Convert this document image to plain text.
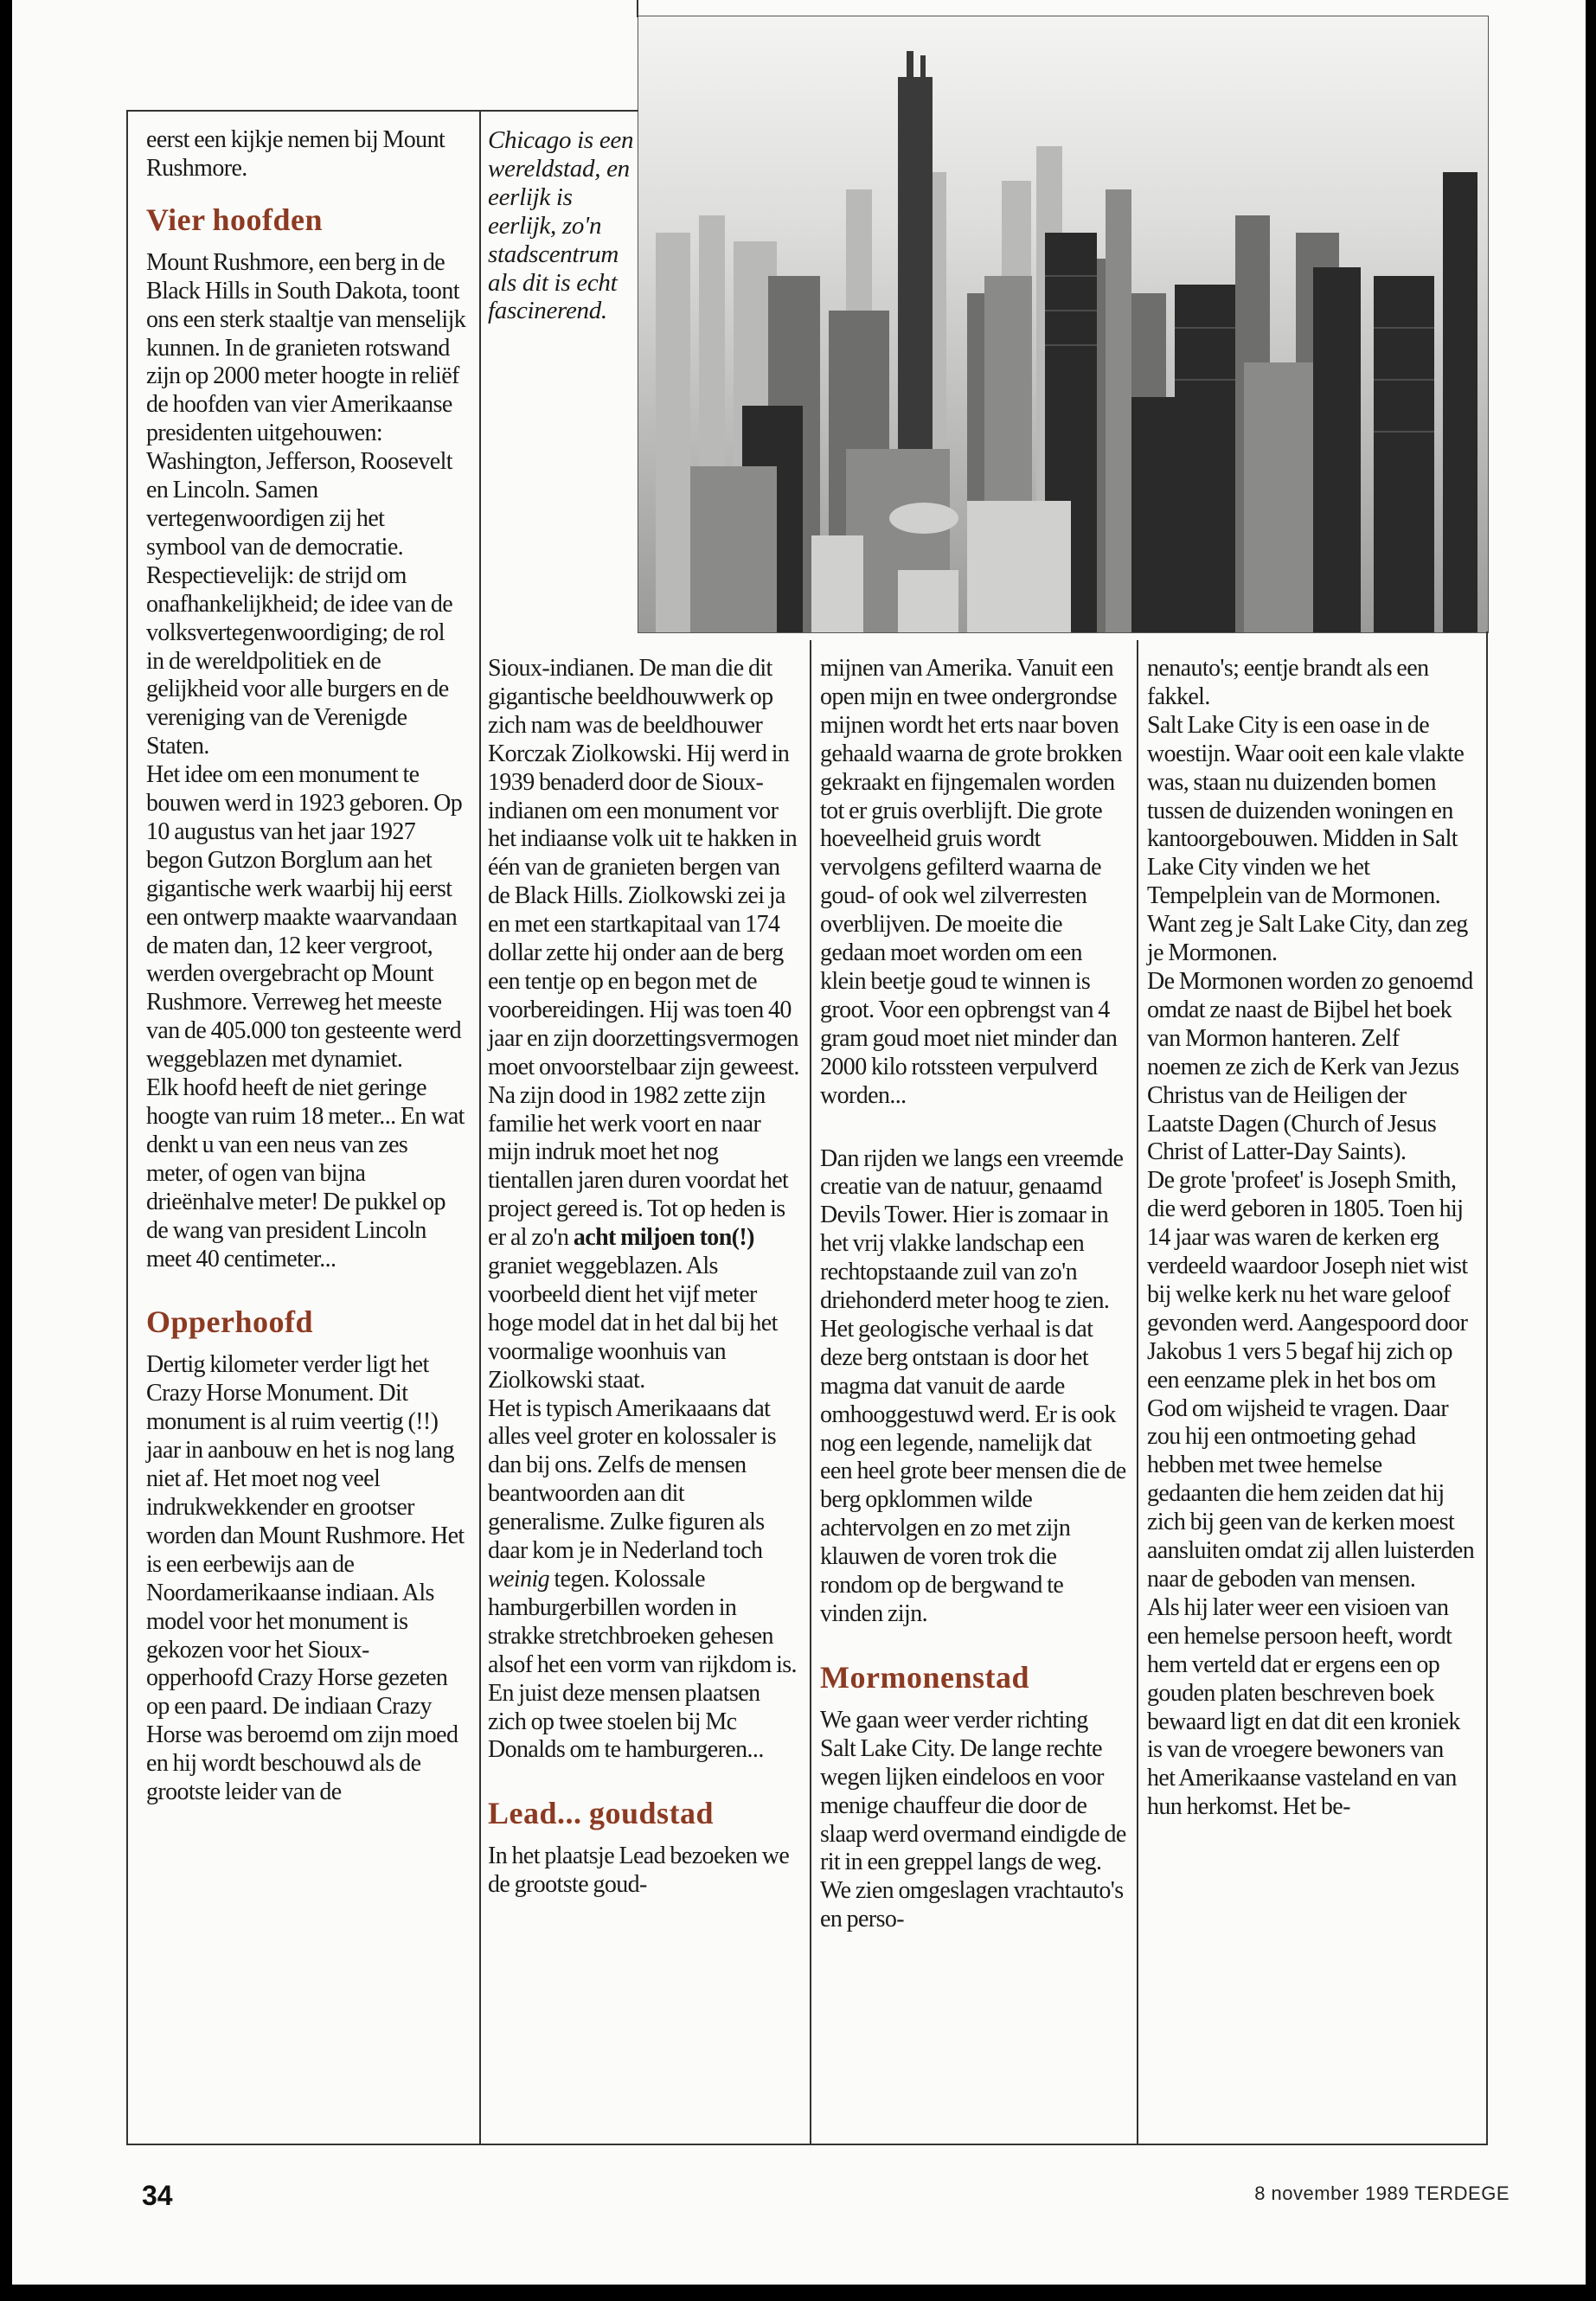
Chicago is een wereldstad, en eerlijk is eerlijk, zo'n stadscentrum als dit is echt fascinerend.

eerst een kijkje nemen bij Mount Rushmore.

Vier hoofden

Mount Rushmore, een berg in de Black Hills in South Dakota, toont ons een sterk staaltje van menselijk kunnen. In de granieten rotswand zijn op 2000 meter hoogte in reliëf de hoofden van vier Amerikaanse presidenten uitgehouwen: Washington, Jefferson, Roosevelt en Lincoln. Samen vertegenwoordigen zij het symbool van de democratie. Respectievelijk: de strijd om onafhankelijkheid; de idee van de volksvertegenwoordiging; de rol in de wereldpolitiek en de gelijkheid voor alle burgers en de vereniging van de Verenigde Staten.

Het idee om een monument te bouwen werd in 1923 geboren. Op 10 augustus van het jaar 1927 begon Gutzon Borglum aan het gigantische werk waarbij hij eerst een ontwerp maakte waarvandaan de maten dan, 12 keer vergroot, werden overgebracht op Mount Rushmore. Verreweg het meeste van de 405.000 ton gesteente werd weggeblazen met dynamiet.

Elk hoofd heeft de niet geringe hoogte van ruim 18 meter... En wat denkt u van een neus van zes meter, of ogen van bijna drieënhalve meter! De pukkel op de wang van president Lincoln meet 40 centimeter...

Opperhoofd

Dertig kilometer verder ligt het Crazy Horse Monument. Dit monument is al ruim veertig (!!) jaar in aanbouw en het is nog lang niet af. Het moet nog veel indrukwekkender en grootser worden dan Mount Rushmore. Het is een eerbewijs aan de Noordamerikaanse indiaan. Als model voor het monument is gekozen voor het Sioux-opperhoofd Crazy Horse gezeten op een paard. De indiaan Crazy Horse was beroemd om zijn moed en hij wordt beschouwd als de grootste leider van de

Sioux-indianen. De man die dit gigantische beeldhouwwerk op zich nam was de beeldhouwer Korczak Ziolkowski. Hij werd in 1939 benaderd door de Sioux-indianen om een monument vor het indiaanse volk uit te hakken in één van de granieten bergen van de Black Hills. Ziolkowski zei ja en met een startkapitaal van 174 dollar zette hij onder aan de berg een tentje op en begon met de voorbereidingen. Hij was toen 40 jaar en zijn doorzettingsvermogen moet onvoorstelbaar zijn geweest. Na zijn dood in 1982 zette zijn familie het werk voort en naar mijn indruk moet het nog tientallen jaren duren voordat het project gereed is. Tot op heden is er al zo'n acht miljoen ton(!) graniet weggeblazen. Als voorbeeld dient het vijf meter hoge model dat in het dal bij het voormalige woonhuis van Ziolkowski staat.

Het is typisch Amerikaaans dat alles veel groter en kolossaler is dan bij ons. Zelfs de mensen beantwoorden aan dit generalisme. Zulke figuren als daar kom je in Nederland toch weinig tegen. Kolossale hamburgerbillen worden in strakke stretchbroeken gehesen alsof het een vorm van rijkdom is. En juist deze mensen plaatsen zich op twee stoelen bij Mc Donalds om te hamburgeren...

Lead... goudstad

In het plaatsje Lead bezoeken we de grootste goud-

mijnen van Amerika. Vanuit een open mijn en twee ondergrondse mijnen wordt het erts naar boven gehaald waarna de grote brokken gekraakt en fijngemalen worden tot er gruis overblijft. Die grote hoeveelheid gruis wordt vervolgens gefilterd waarna de goud- of ook wel zilverresten overblijven. De moeite die gedaan moet worden om een klein beetje goud te winnen is groot. Voor een opbrengst van 4 gram goud moet niet minder dan 2000 kilo rotssteen verpulverd worden...

Dan rijden we langs een vreemde creatie van de natuur, genaamd Devils Tower. Hier is zomaar in het vrij vlakke landschap een rechtopstaande zuil van zo'n driehonderd meter hoog te zien. Het geologische verhaal is dat deze berg ontstaan is door het magma dat vanuit de aarde omhooggestuwd werd. Er is ook nog een legende, namelijk dat een heel grote beer mensen die de berg opklommen wilde achtervolgen en zo met zijn klauwen de voren trok die rondom op de bergwand te vinden zijn.

Mormonenstad

We gaan weer verder richting Salt Lake City. De lange rechte wegen lijken eindeloos en voor menige chauffeur die door de slaap werd overmand eindigde de rit in een greppel langs de weg. We zien omgeslagen vrachtauto's en perso-

nenauto's; eentje brandt als een fakkel.

Salt Lake City is een oase in de woestijn. Waar ooit een kale vlakte was, staan nu duizenden bomen tussen de duizenden woningen en kantoorgebouwen. Midden in Salt Lake City vinden we het Tempelplein van de Mormonen. Want zeg je Salt Lake City, dan zeg je Mormonen.

De Mormonen worden zo genoemd omdat ze naast de Bijbel het boek van Mormon hanteren. Zelf noemen ze zich de Kerk van Jezus Christus van de Heiligen der Laatste Dagen (Church of Jesus Christ of Latter-Day Saints).

De grote 'profeet' is Joseph Smith, die werd geboren in 1805. Toen hij 14 jaar was waren de kerken erg verdeeld waardoor Joseph niet wist bij welke kerk nu het ware geloof gevonden werd. Aangespoord door Jakobus 1 vers 5 begaf hij zich op een eenzame plek in het bos om God om wijsheid te vragen. Daar zou hij een ontmoeting gehad hebben met twee hemelse gedaanten die hem zeiden dat hij zich bij geen van de kerken moest aansluiten omdat zij allen luisterden naar de geboden van mensen.

Als hij later weer een visioen van een hemelse persoon heeft, wordt hem verteld dat er ergens een op gouden platen beschreven boek bewaard ligt en dat dit een kroniek is van de vroegere bewoners van het Amerikaanse vasteland en van hun herkomst. Het be-

34	8 november 1989 TERDEGE
